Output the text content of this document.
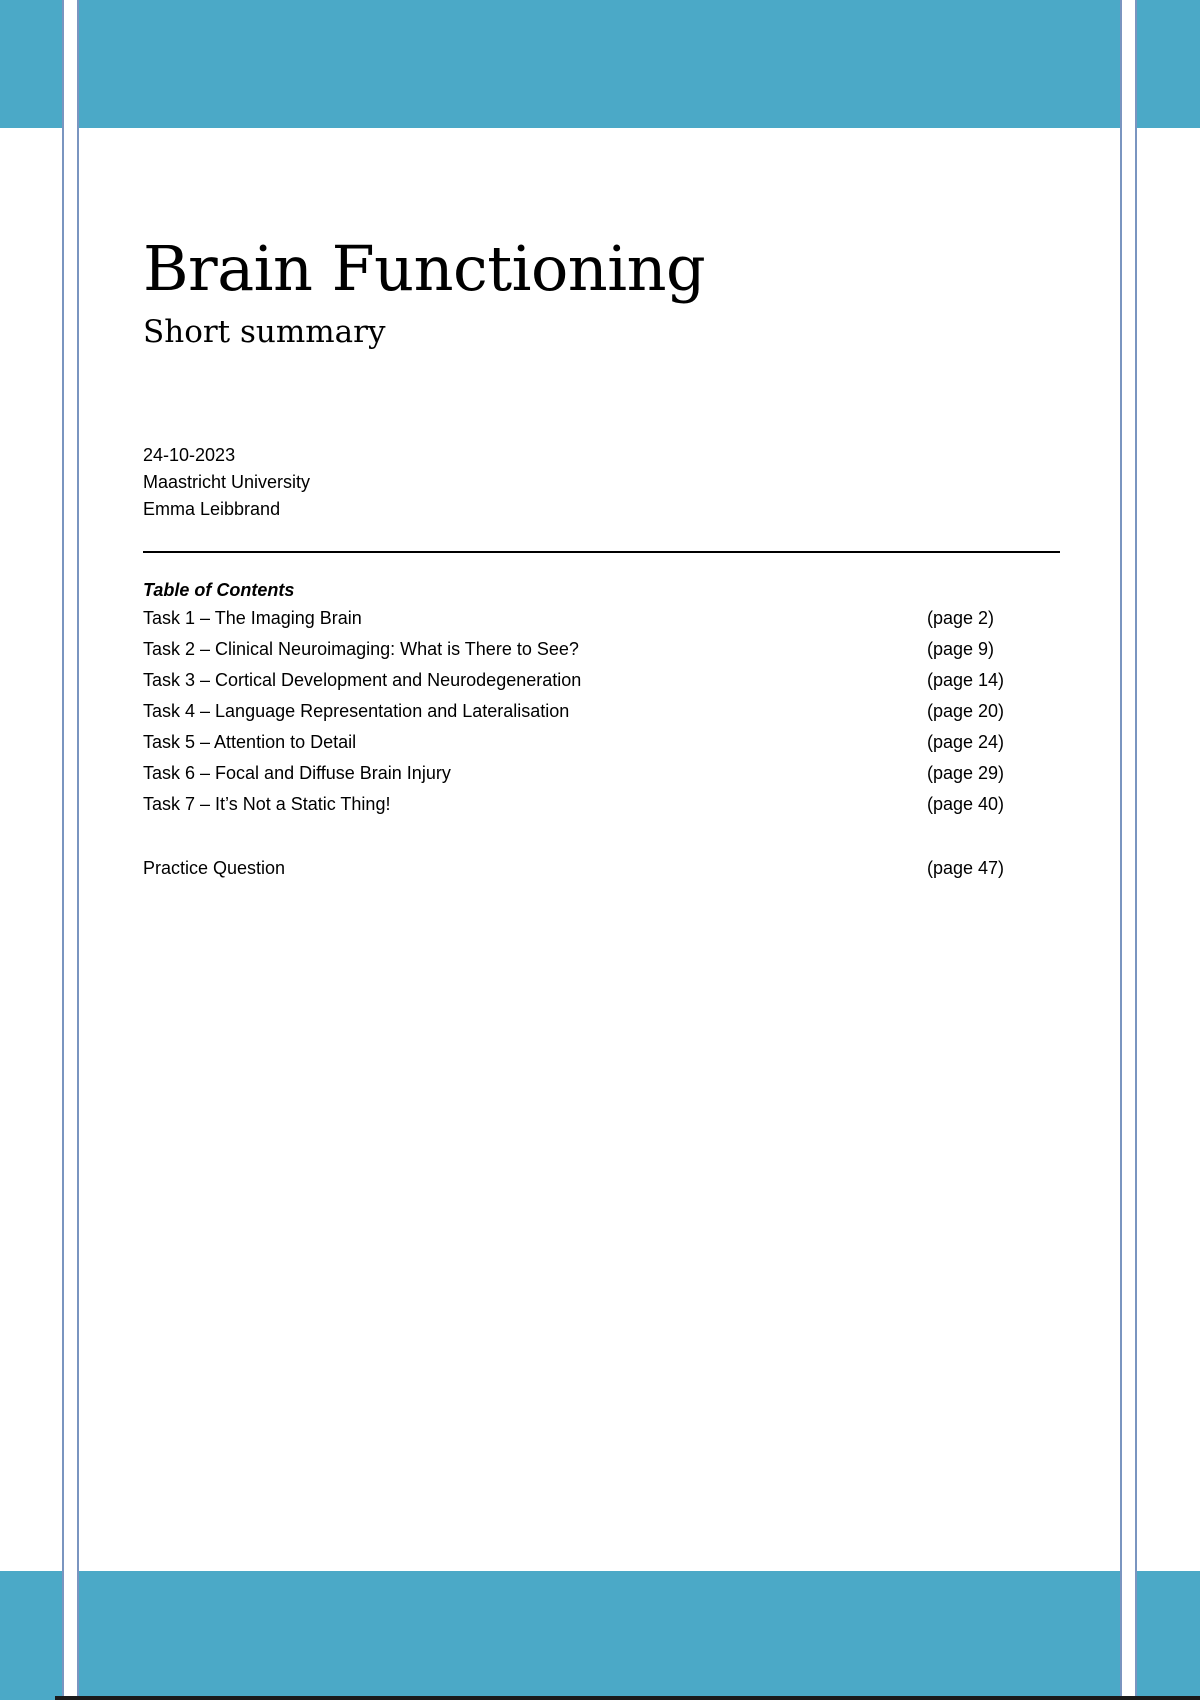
Brain Functioning
Short summary
24-10-2023
Maastricht University
Emma Leibbrand
Table of Contents
Task 1 – The Imaging Brain	(page 2)
Task 2 – Clinical Neuroimaging: What is There to See?	(page 9)
Task 3 – Cortical Development and Neurodegeneration	(page 14)
Task 4 – Language Representation and Lateralisation	(page 20)
Task 5 – Attention to Detail	(page 24)
Task 6 – Focal and Diffuse Brain Injury	(page 29)
Task 7 – It’s Not a Static Thing!	(page 40)
Practice Question	(page 47)
